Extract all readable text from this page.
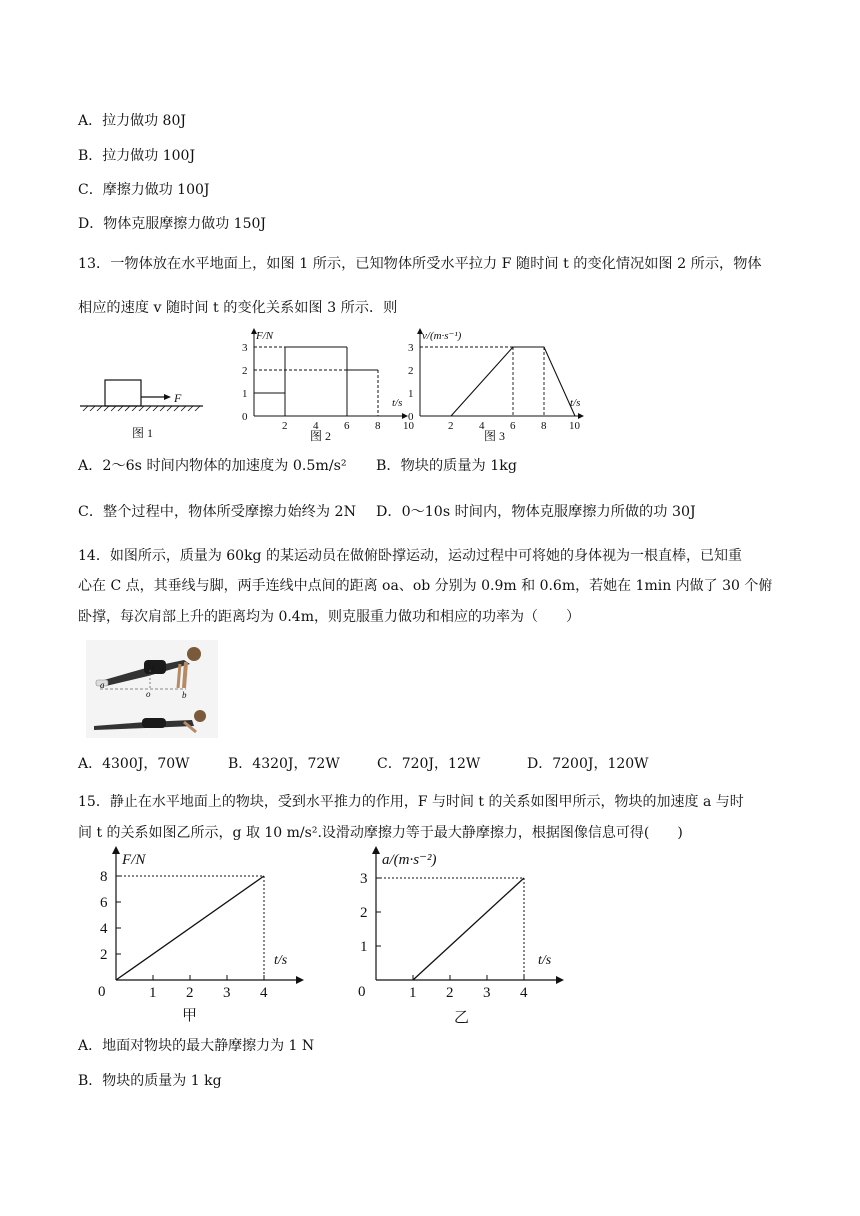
A．拉力做功 80J
B．拉力做功 100J
C．摩擦力做功 100J
D．物体克服摩擦力做功 150J
13．一物体放在水平地面上，如图 1 所示，已知物体所受水平拉力 F 随时间 t 的变化情况如图 2 所示，物体
相应的速度 v 随时间 t 的变化关系如图 3 所示．则
F
图 1
F/N
t/s
2 4 6 8 10
0
1
2
3
图 2
v/(m·s⁻¹)
t/s
2 4 6 8 10
0
1
2
3
图 3
A．2～6s 时间内物体的加速度为 0.5m/s² B．物块的质量为 1kg
C．整个过程中，物体所受摩擦力始终为 2N D．0～10s 时间内，物体克服摩擦力所做的功 30J
14．如图所示，质量为 60kg 的某运动员在做俯卧撑运动，运动过程中可将她的身体视为一根直棒，已知重
心在 C 点，其垂线与脚，两手连线中点间的距离 oa、ob 分别为 0.9m 和 0.6m，若她在 1min 内做了 30 个俯
卧撑，每次肩部上升的距离均为 0.4m，则克服重力做功和相应的功率为（　　）
a
o	b
c
A．4300J，70W	B．4320J，72W	C．720J，12W	D．7200J，120W
15．静止在水平地面上的物块，受到水平推力的作用，F 与时间 t 的关系如图甲所示，物块的加速度 a 与时
间 t 的关系如图乙所示，g 取 10 m/s².设滑动摩擦力等于最大静摩擦力，根据图像信息可得(　　)
F/N
t/s
0	1 2 3 4
2
4
6
8
甲
a/(m·s⁻²)
t/s
0	1 2 3 4
1
2
3
乙
A．地面对物块的最大静摩擦力为 1 N
B．物块的质量为 1 kg
